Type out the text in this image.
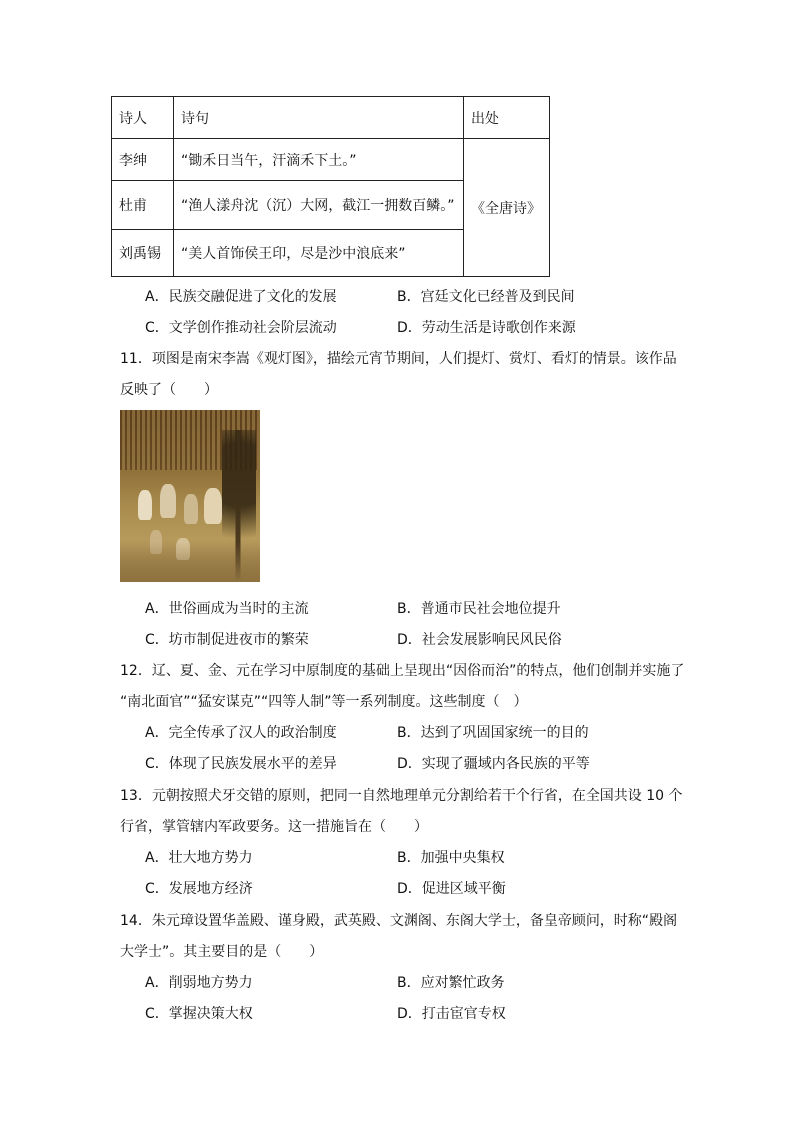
诗人	诗句	出处
李绅	“锄禾日当午，汗滴禾下土。”	《全唐诗》
杜甫	“渔人漾舟沈（沉）大网，截江一拥数百鳞。”	
刘禹锡	“美人首饰侯王印，尽是沙中浪底来”	
A．民族交融促进了文化的发展	B．宫廷文化已经普及到民间
C．文学创作推动社会阶层流动	D．劳动生活是诗歌创作来源
11．项图是南宋李嵩《观灯图》，描绘元宵节期间，人们提灯、赏灯、看灯的情景。该作品
反映了（　　）
A．世俗画成为当时的主流	B．普通市民社会地位提升
C．坊市制促进夜市的繁荣	D．社会发展影响民风民俗
12．辽、夏、金、元在学习中原制度的基础上呈现出“因俗而治”的特点，他们创制并实施了
“南北面官”“猛安谋克”“四等人制”等一系列制度。这些制度（　）
A．完全传承了汉人的政治制度	B．达到了巩固国家统一的目的
C．体现了民族发展水平的差异	D．实现了疆域内各民族的平等
13．元朝按照犬牙交错的原则，把同一自然地理单元分割给若干个行省，在全国共设 10 个
行省，掌管辖内军政要务。这一措施旨在（　　）
A．壮大地方势力	B．加强中央集权
C．发展地方经济	D．促进区域平衡
14．朱元璋设置华盖殿、谨身殿，武英殿、文渊阁、东阁大学士，备皇帝顾问，时称“殿阁
大学士”。其主要目的是（　　）
A．削弱地方势力	B．应对繁忙政务
C．掌握决策大权	D．打击宦官专权
